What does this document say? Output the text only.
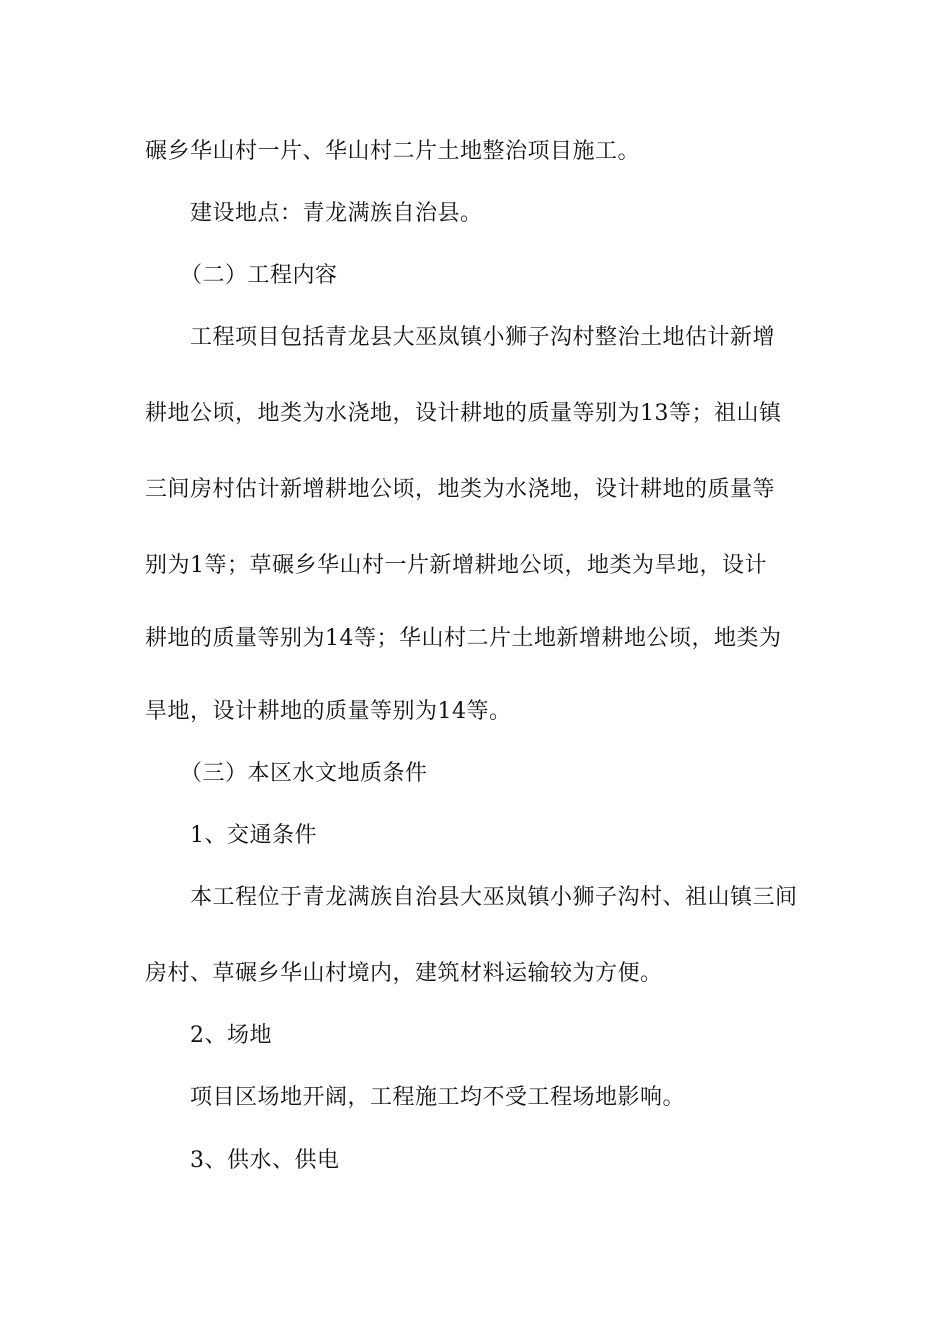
碾乡华山村一片、华山村二片土地整治项目施工。
建设地点：青龙满族自治县。
（二）工程内容
工程项目包括青龙县大巫岚镇小狮子沟村整治土地估计新增
耕地公顷，地类为水浇地，设计耕地的质量等别为13等；祖山镇
三间房村估计新增耕地公顷，地类为水浇地，设计耕地的质量等
别为1等；草碾乡华山村一片新增耕地公顷，地类为旱地，设计
耕地的质量等别为14等；华山村二片土地新增耕地公顷，地类为
旱地，设计耕地的质量等别为14等。
（三）本区水文地质条件
1、交通条件
本工程位于青龙满族自治县大巫岚镇小狮子沟村、祖山镇三间
房村、草碾乡华山村境内，建筑材料运输较为方便。
2、场地
项目区场地开阔，工程施工均不受工程场地影响。
3、供水、供电
